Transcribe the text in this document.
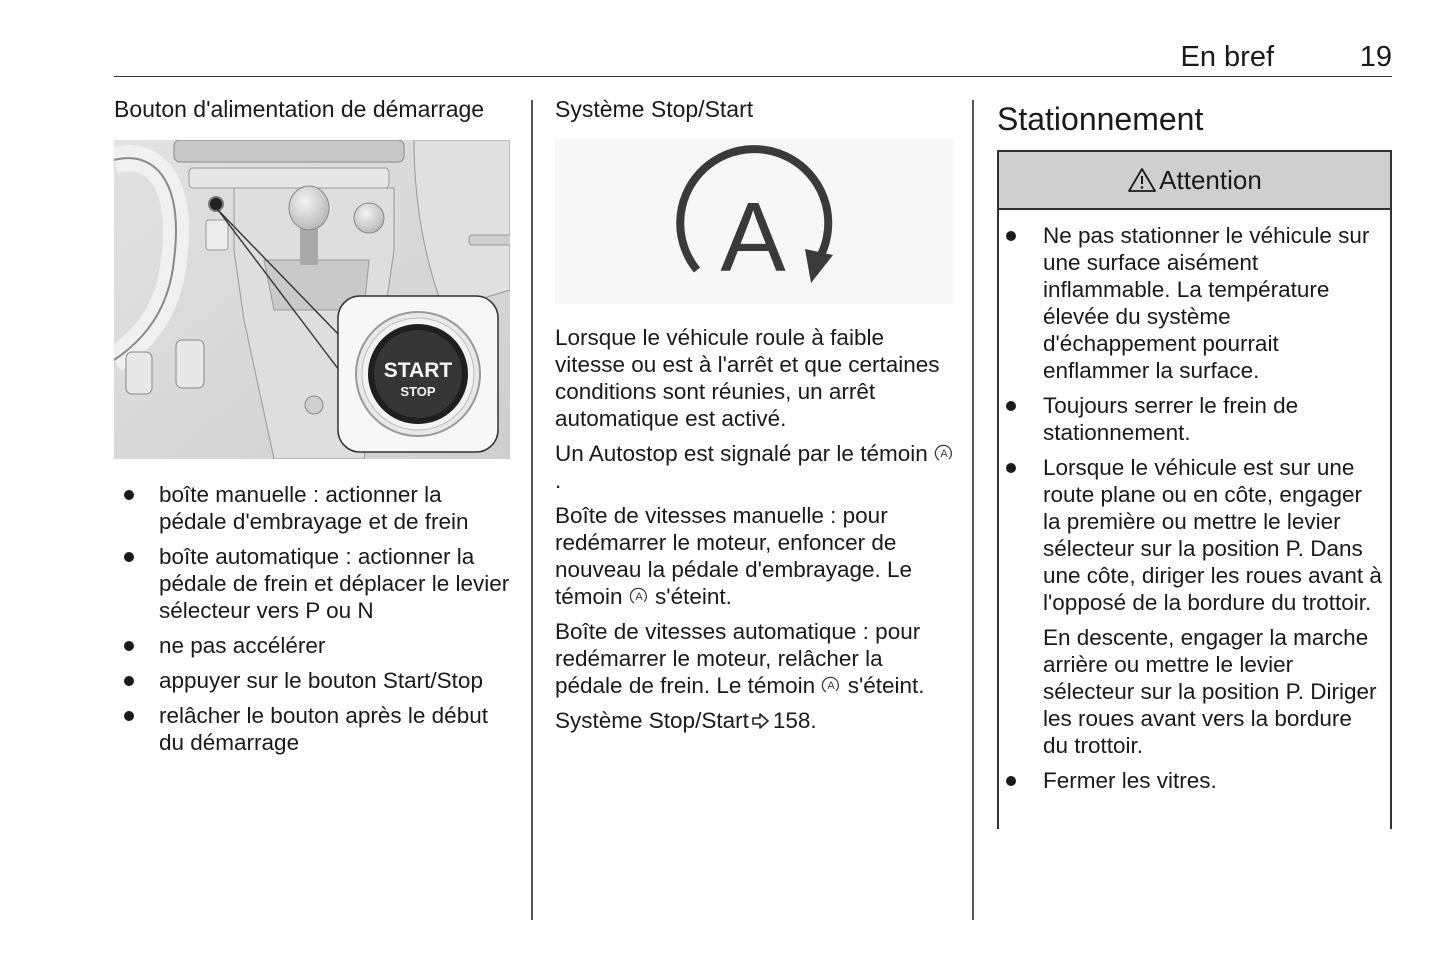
En bref	19
Bouton d'alimentation de démarrage
START
STOP
boîte manuelle : actionner la pédale d'embrayage et de frein
boîte automatique : actionner la pédale de frein et déplacer le levier sélecteur vers P ou N
ne pas accélérer
appuyer sur le bouton Start/Stop
relâcher le bouton après le début du démarrage
Système Stop/Start
A

Lorsque le véhicule roule à faible vitesse ou est à l'arrêt et que certaines conditions sont réunies, un arrêt automatique est activé.

Un Autostop est signalé par le témoin A
.

Boîte de vitesses manuelle : pour redémarrer le moteur, enfoncer de nouveau la pédale d'embrayage. Le témoin A s'éteint.

Boîte de vitesses automatique : pour redémarrer le moteur, relâcher la pédale de frein. Le témoin A s'éteint.

Système Stop/Start 158.

Stationnement
Attention
Ne pas stationner le véhicule sur une surface aisément inflammable. La température élevée du système d'échappement pourrait enflammer la surface.
Toujours serrer le frein de stationnement.
Lorsque le véhicule est sur une route plane ou en côte, engager la première ou mettre le levier sélecteur sur la position P. Dans une côte, diriger les roues avant à l'opposé de la bordure du trottoir.
En descente, engager la marche arrière ou mettre le levier sélecteur sur la position P. Diriger les roues avant vers la bordure du trottoir.
Fermer les vitres.
